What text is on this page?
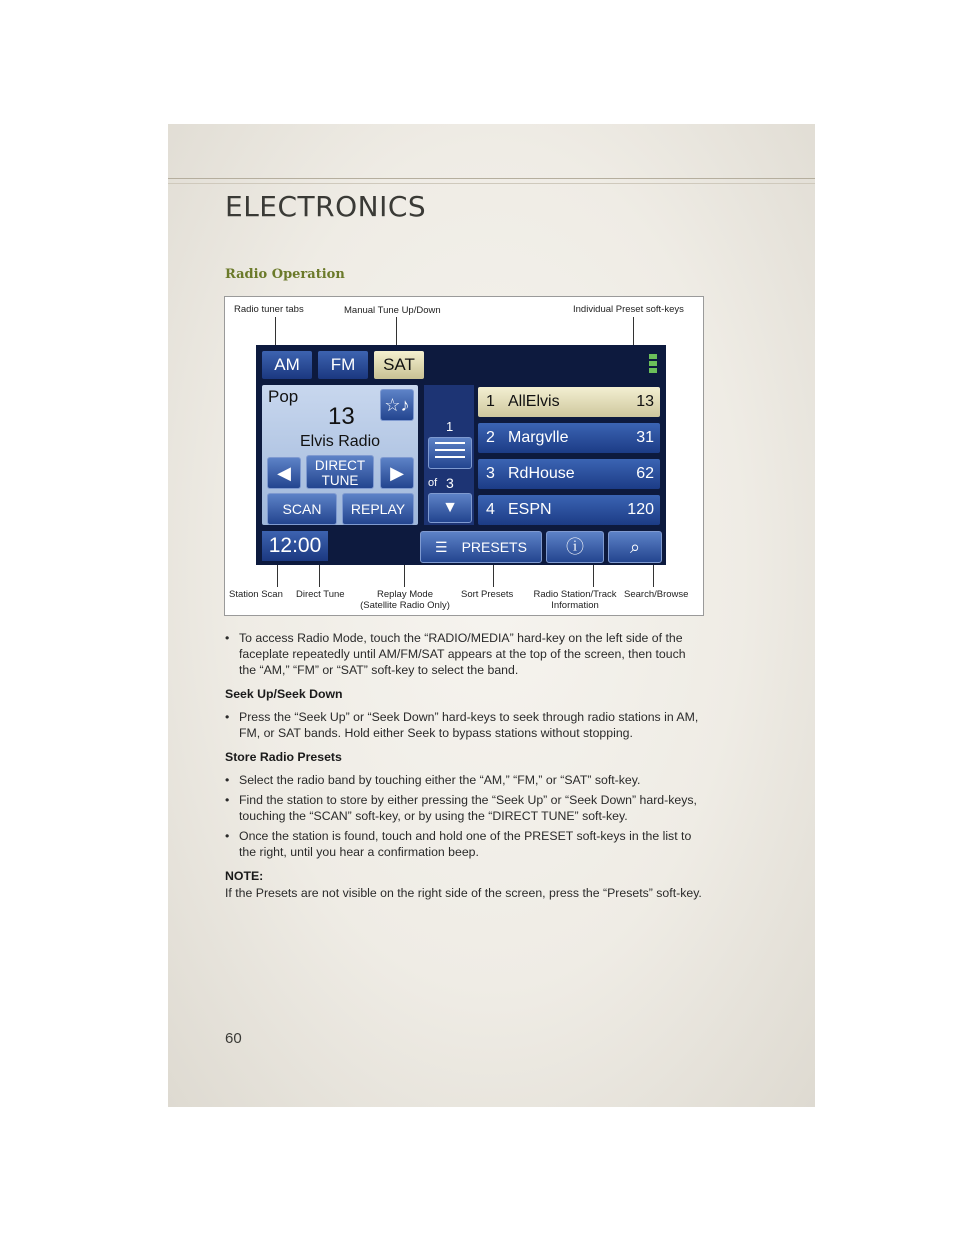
ELECTRONICS
Radio Operation
Radio tuner tabs	Manual Tune Up/Down	Individual Preset soft-keys
AM	FM	SAT
Pop
13
Elvis Radio
☆♪
◀	DIRECT
TUNE	▶
SCAN	REPLAY
1
of 3
▼
1 AllElvis	13
2 Margvlle	31
3 RdHouse	62
4 ESPN	120
12:00	☰ PRESETS	ⓘ	⌕
Station Scan Direct Tune	Replay Mode
(Satellite Radio Only)
Sort Presets	Radio Station/Track
Information
Search/Browse
• To access Radio Mode, touch the “RADIO/MEDIA” hard-key on the left side of the faceplate repeatedly until AM/FM/SAT appears at the top of the screen, then touch the “AM,” “FM” or “SAT” soft-key to select the band.
Seek Up/Seek Down
• Press the “Seek Up” or “Seek Down” hard-keys to seek through radio stations in AM, FM, or SAT bands. Hold either Seek to bypass stations without stopping.
Store Radio Presets
• Select the radio band by touching either the “AM,” “FM,” or “SAT” soft-key.
• Find the station to store by either pressing the “Seek Up” or “Seek Down” hard-keys, touching the “SCAN” soft-key, or by using the “DIRECT TUNE” soft-key.
• Once the station is found, touch and hold one of the PRESET soft-keys in the list to the right, until you hear a confirmation beep.
NOTE:
If the Presets are not visible on the right side of the screen, press the “Presets” soft-key.
60
